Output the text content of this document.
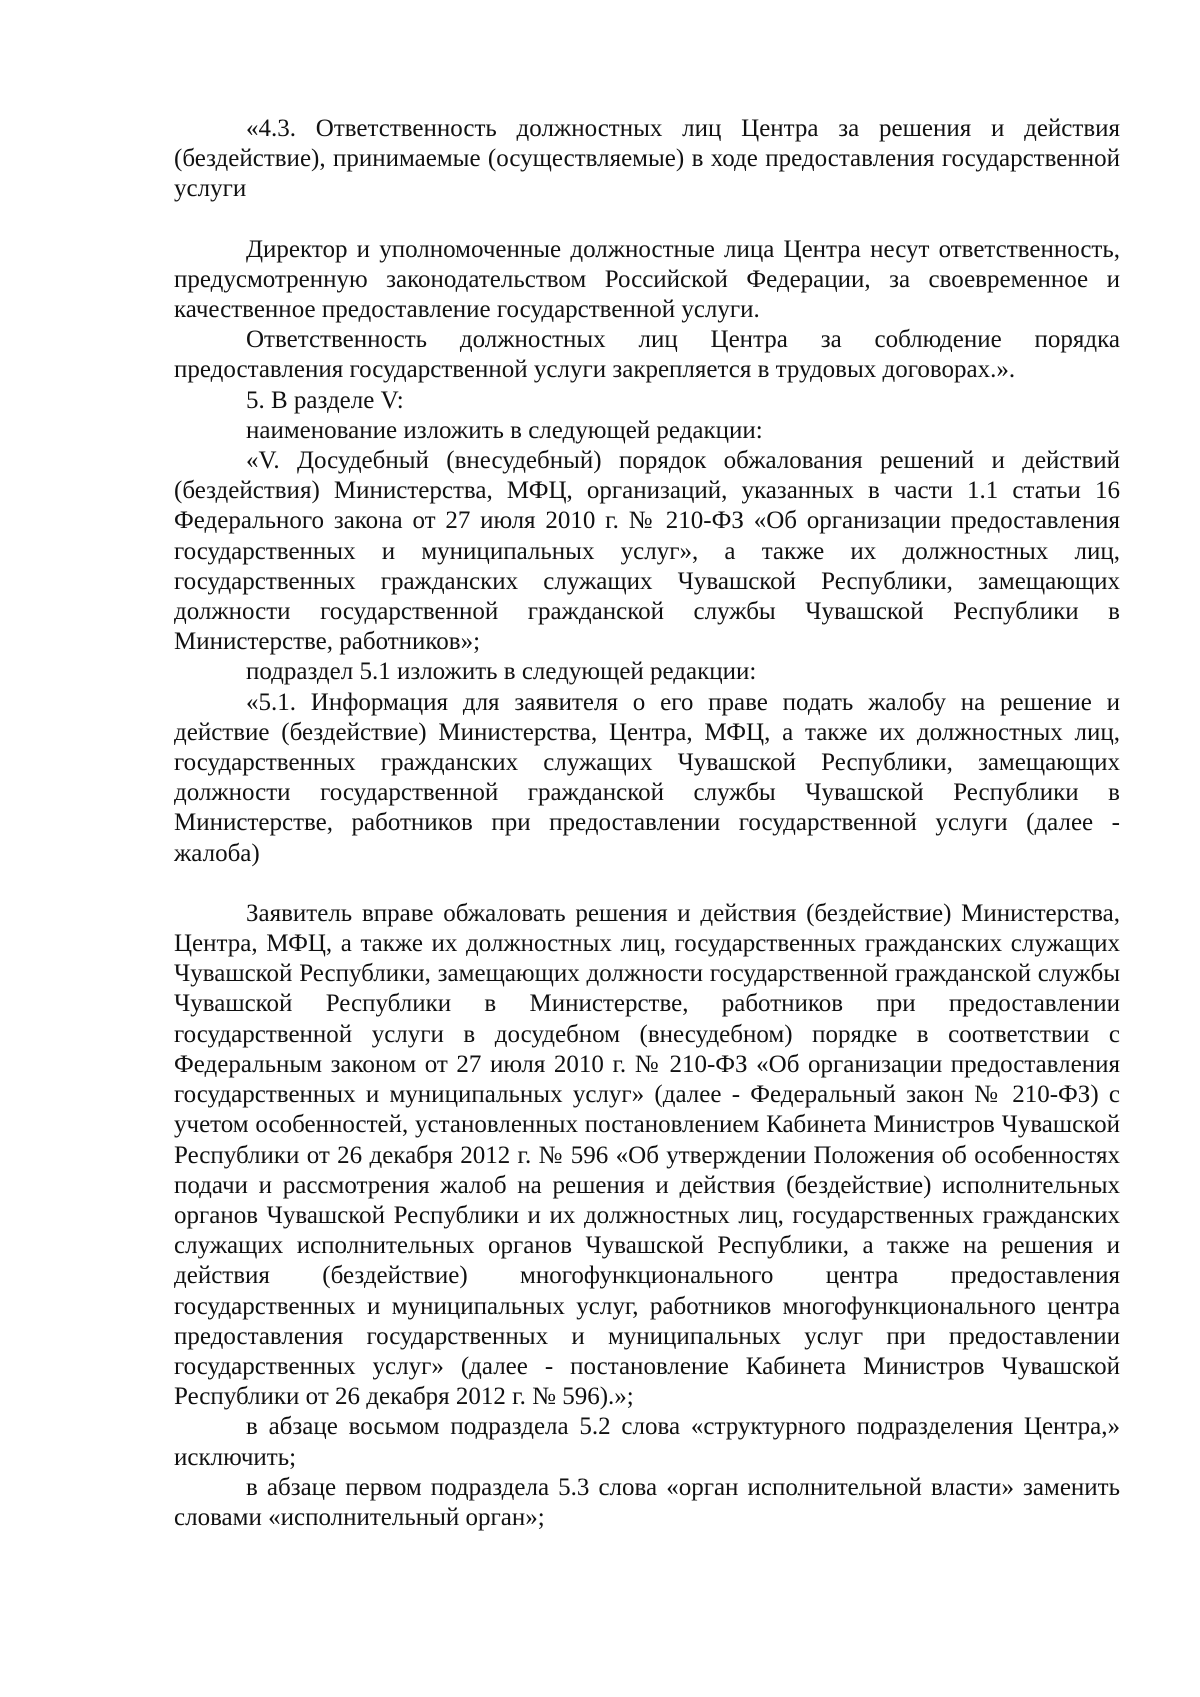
«4.3. Ответственность должностных лиц Центра за решения и действия (бездействие), принимаемые (осуществляемые) в ходе предоставления государственной услуги

Директор и уполномоченные должностные лица Центра несут ответственность, предусмотренную законодательством Российской Федерации, за своевременное и качественное предоставление государственной услуги.

Ответственность должностных лиц Центра за соблюдение порядка предоставления государственной услуги закрепляется в трудовых договорах.».

5. В разделе V:

наименование изложить в следующей редакции:

«V. Досудебный (внесудебный) порядок обжалования решений и действий (бездействия) Министерства, МФЦ, организаций, указанных в части 1.1 статьи 16 Федерального закона от 27 июля 2010 г. № 210-ФЗ «Об организации предоставления государственных и муниципальных услуг», а также их должностных лиц, государственных гражданских служащих Чувашской Республики, замещающих должности государственной гражданской службы Чувашской Республики в Министерстве, работников»;

подраздел 5.1 изложить в следующей редакции:

«5.1. Информация для заявителя о его праве подать жалобу на решение и действие (бездействие) Министерства, Центра, МФЦ, а также их должностных лиц, государственных гражданских служащих Чувашской Республики, замещающих должности государственной гражданской службы Чувашской Республики в Министерстве, работников при предоставлении государственной услуги (далее - жалоба)

Заявитель вправе обжаловать решения и действия (бездействие) Министерства, Центра, МФЦ, а также их должностных лиц, государственных гражданских служащих Чувашской Республики, замещающих должности государственной гражданской службы Чувашской Республики в Министерстве, работников при предоставлении государственной услуги в досудебном (внесудебном) порядке в соответствии с Федеральным законом от 27 июля 2010 г. № 210-ФЗ «Об организации предоставления государственных и муниципальных услуг» (далее - Федеральный закон № 210-ФЗ) с учетом особенностей, установленных постановлением Кабинета Министров Чувашской Республики от 26 декабря 2012 г. № 596 «Об утверждении Положения об особенностях подачи и рассмотрения жалоб на решения и действия (бездействие) исполнительных органов Чувашской Республики и их должностных лиц, государственных гражданских служащих исполнительных органов Чувашской Республики, а также на решения и действия (бездействие) многофункционального центра предоставления государственных и муниципальных услуг, работников многофункционального центра предоставления государственных и муниципальных услуг при предоставлении государственных услуг» (далее - постановление Кабинета Министров Чувашской Республики от 26 декабря 2012 г. № 596).»;

в абзаце восьмом подраздела 5.2 слова «структурного подразделения Центра,» исключить;

в абзаце первом подраздела 5.3 слова «орган исполнительной власти» заменить словами «исполнительный орган»;
